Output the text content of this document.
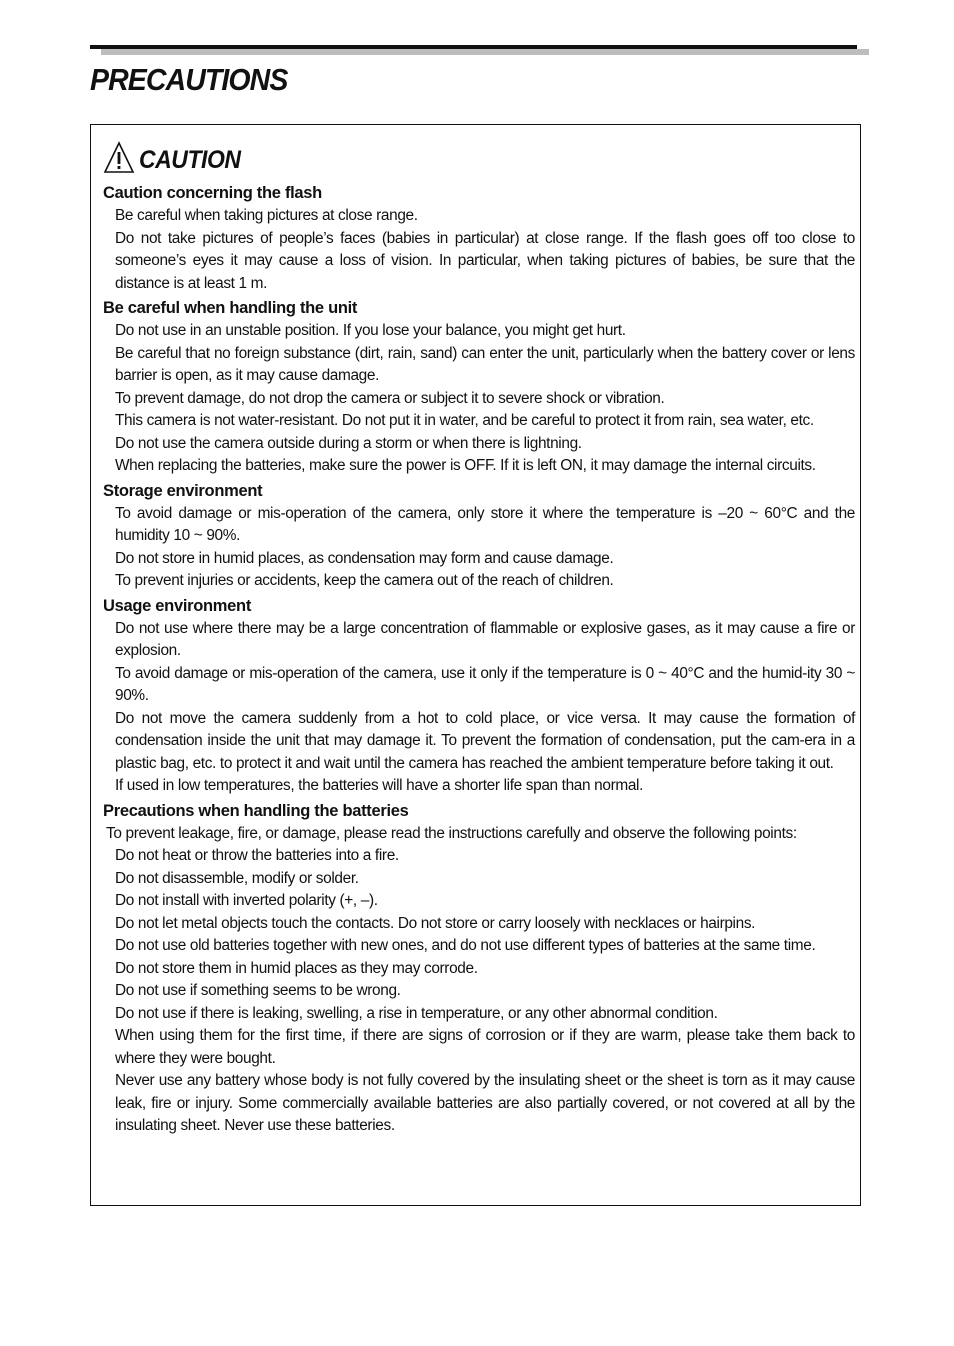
PRECAUTIONS
CAUTION
Caution concerning the flash

Be careful when taking pictures at close range.

Do not take pictures of people’s faces (babies in particular) at close range. If the flash goes off too close to someone’s eyes it may cause a loss of vision. In particular, when taking pictures of babies, be sure that the distance is at least 1 m.

Be careful when handling the unit

Do not use in an unstable position. If you lose your balance, you might get hurt.

Be careful that no foreign substance (dirt, rain, sand) can enter the unit, particularly when the battery cover or lens barrier is open, as it may cause damage.

To prevent damage, do not drop the camera or subject it to severe shock or vibration.

This camera is not water-resistant. Do not put it in water, and be careful to protect it from rain, sea water, etc.

Do not use the camera outside during a storm or when there is lightning.

When replacing the batteries, make sure the power is OFF. If it is left ON, it may damage the internal circuits.

Storage environment

To avoid damage or mis-operation of the camera, only store it where the temperature is –20 ~ 60°C and the humidity 10 ~ 90%.

Do not store in humid places, as condensation may form and cause damage.

To prevent injuries or accidents, keep the camera out of the reach of children.

Usage environment

Do not use where there may be a large concentration of flammable or explosive gases, as it may cause a fire or explosion.

To avoid damage or mis-operation of the camera, use it only if the temperature is 0 ~ 40°C and the humid-ity 30 ~ 90%.

Do not move the camera suddenly from a hot to cold place, or vice versa. It may cause the formation of condensation inside the unit that may damage it. To prevent the formation of condensation, put the cam-era in a plastic bag, etc. to protect it and wait until the camera has reached the ambient temperature before taking it out.

If used in low temperatures, the batteries will have a shorter life span than normal.

Precautions when handling the batteries

To prevent leakage, fire, or damage, please read the instructions carefully and observe the following points:

Do not heat or throw the batteries into a fire.

Do not disassemble, modify or solder.

Do not install with inverted polarity (+, –).

Do not let metal objects touch the contacts. Do not store or carry loosely with necklaces or hairpins.

Do not use old batteries together with new ones, and do not use different types of batteries at the same time.

Do not store them in humid places as they may corrode.

Do not use if something seems to be wrong.

Do not use if there is leaking, swelling, a rise in temperature, or any other abnormal condition.

When using them for the first time, if there are signs of corrosion or if they are warm, please take them back to where they were bought.

Never use any battery whose body is not fully covered by the insulating sheet or the sheet is torn as it may cause leak, fire or injury. Some commercially available batteries are also partially covered, or not covered at all by the insulating sheet. Never use these batteries.
